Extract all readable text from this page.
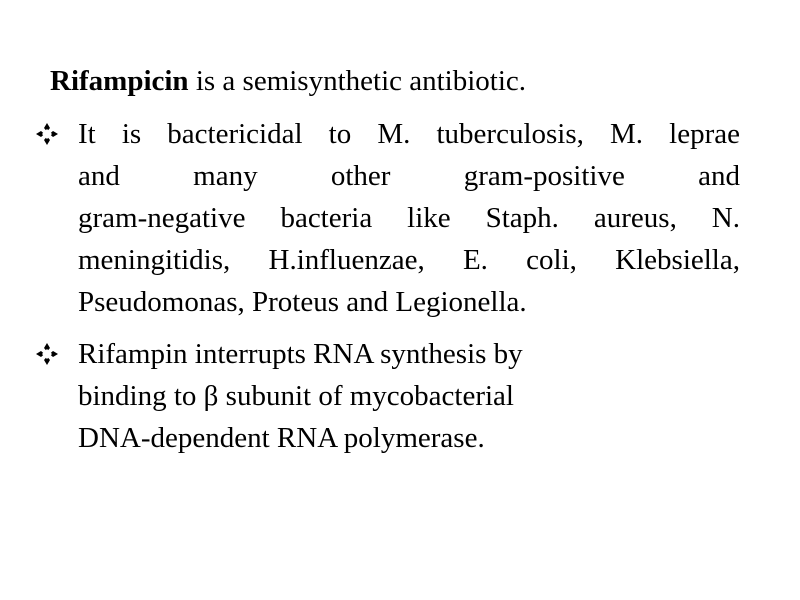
Rifampicin is a semisynthetic antibiotic.
It is bactericidal to M. tuberculosis, M. leprae
and many other gram-positive and
gram-negative bacteria like Staph. aureus, N.
meningitidis, H.influenzae, E. coli, Klebsiella,
Pseudomonas, Proteus and Legionella.
Rifampin interrupts RNA synthesis by
binding to β subunit of mycobacterial
DNA-dependent RNA polymerase.
